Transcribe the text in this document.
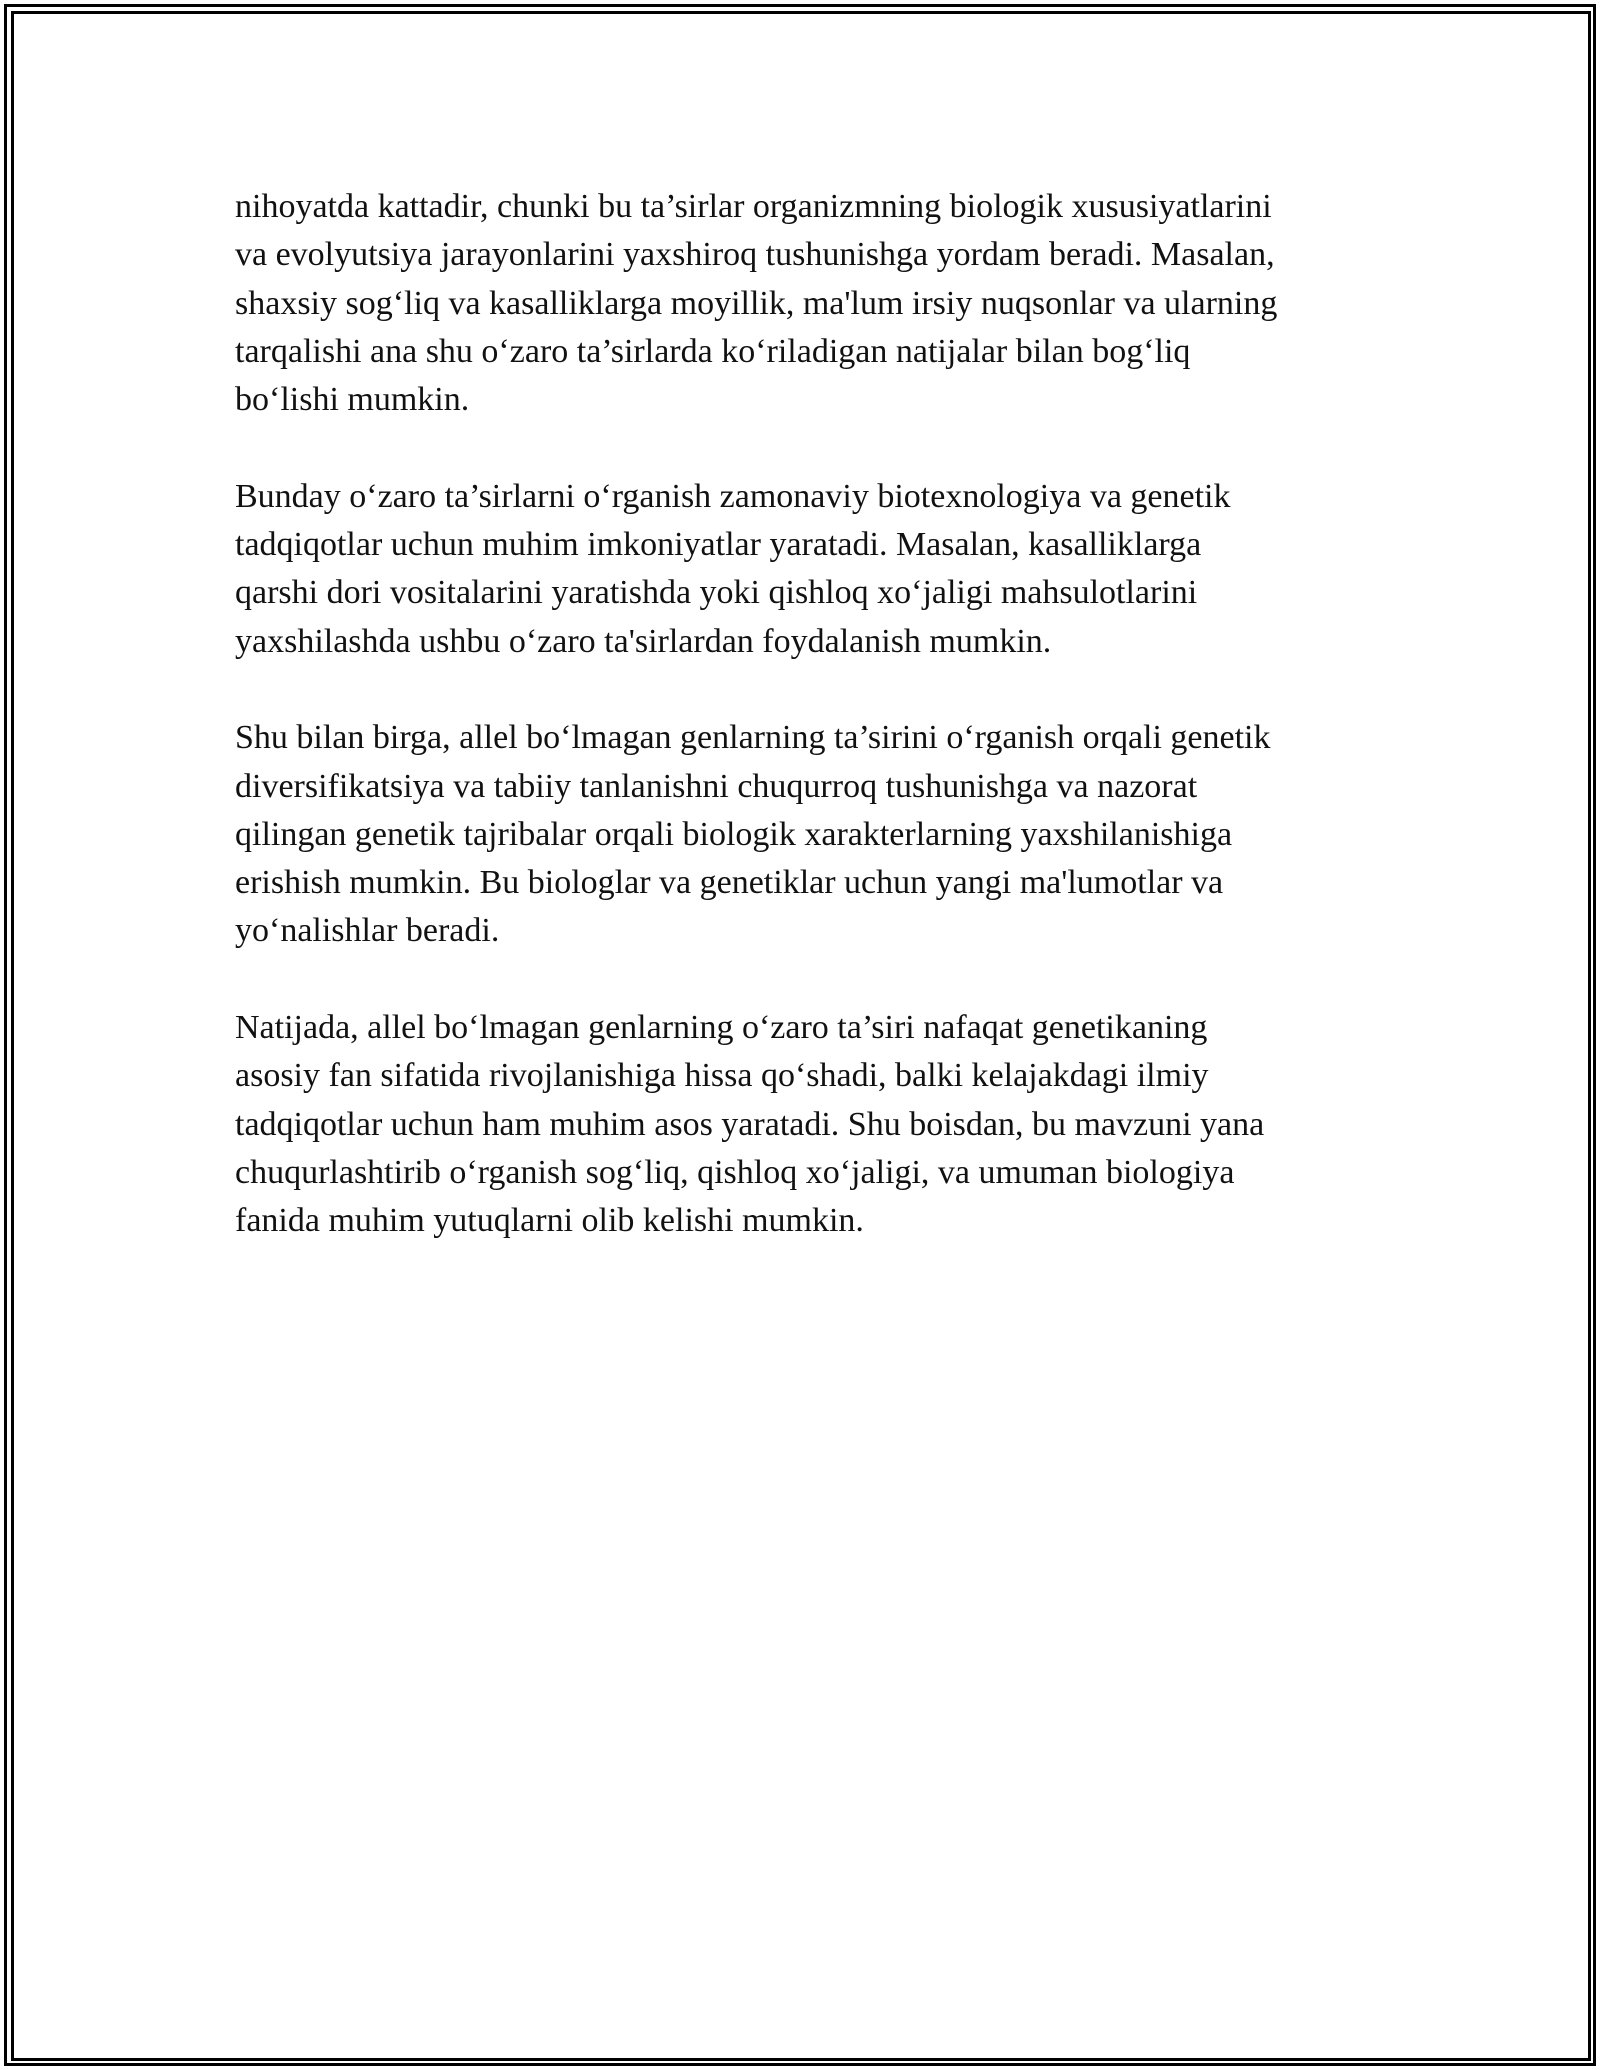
nihoyatda kattadir, chunki bu ta’sirlar organizmning biologik xususiyatlarini
va evolyutsiya jarayonlarini yaxshiroq tushunishga yordam beradi. Masalan,
shaxsiy sog‘liq va kasalliklarga moyillik, ma'lum irsiy nuqsonlar va ularning
tarqalishi ana shu o‘zaro ta’sirlarda ko‘riladigan natijalar bilan bog‘liq
bo‘lishi mumkin.

Bunday o‘zaro ta’sirlarni o‘rganish zamonaviy biotexnologiya va genetik
tadqiqotlar uchun muhim imkoniyatlar yaratadi. Masalan, kasalliklarga
qarshi dori vositalarini yaratishda yoki qishloq xo‘jaligi mahsulotlarini
yaxshilashda ushbu o‘zaro ta'sirlardan foydalanish mumkin.

Shu bilan birga, allel bo‘lmagan genlarning ta’sirini o‘rganish orqali genetik
diversifikatsiya va tabiiy tanlanishni chuqurroq tushunishga va nazorat
qilingan genetik tajribalar orqali biologik xarakterlarning yaxshilanishiga
erishish mumkin. Bu biologlar va genetiklar uchun yangi ma'lumotlar va
yo‘nalishlar beradi.

Natijada, allel bo‘lmagan genlarning o‘zaro ta’siri nafaqat genetikaning
asosiy fan sifatida rivojlanishiga hissa qo‘shadi, balki kelajakdagi ilmiy
tadqiqotlar uchun ham muhim asos yaratadi. Shu boisdan, bu mavzuni yana
chuqurlashtirib o‘rganish sog‘liq, qishloq xo‘jaligi, va umuman biologiya
fanida muhim yutuqlarni olib kelishi mumkin.
